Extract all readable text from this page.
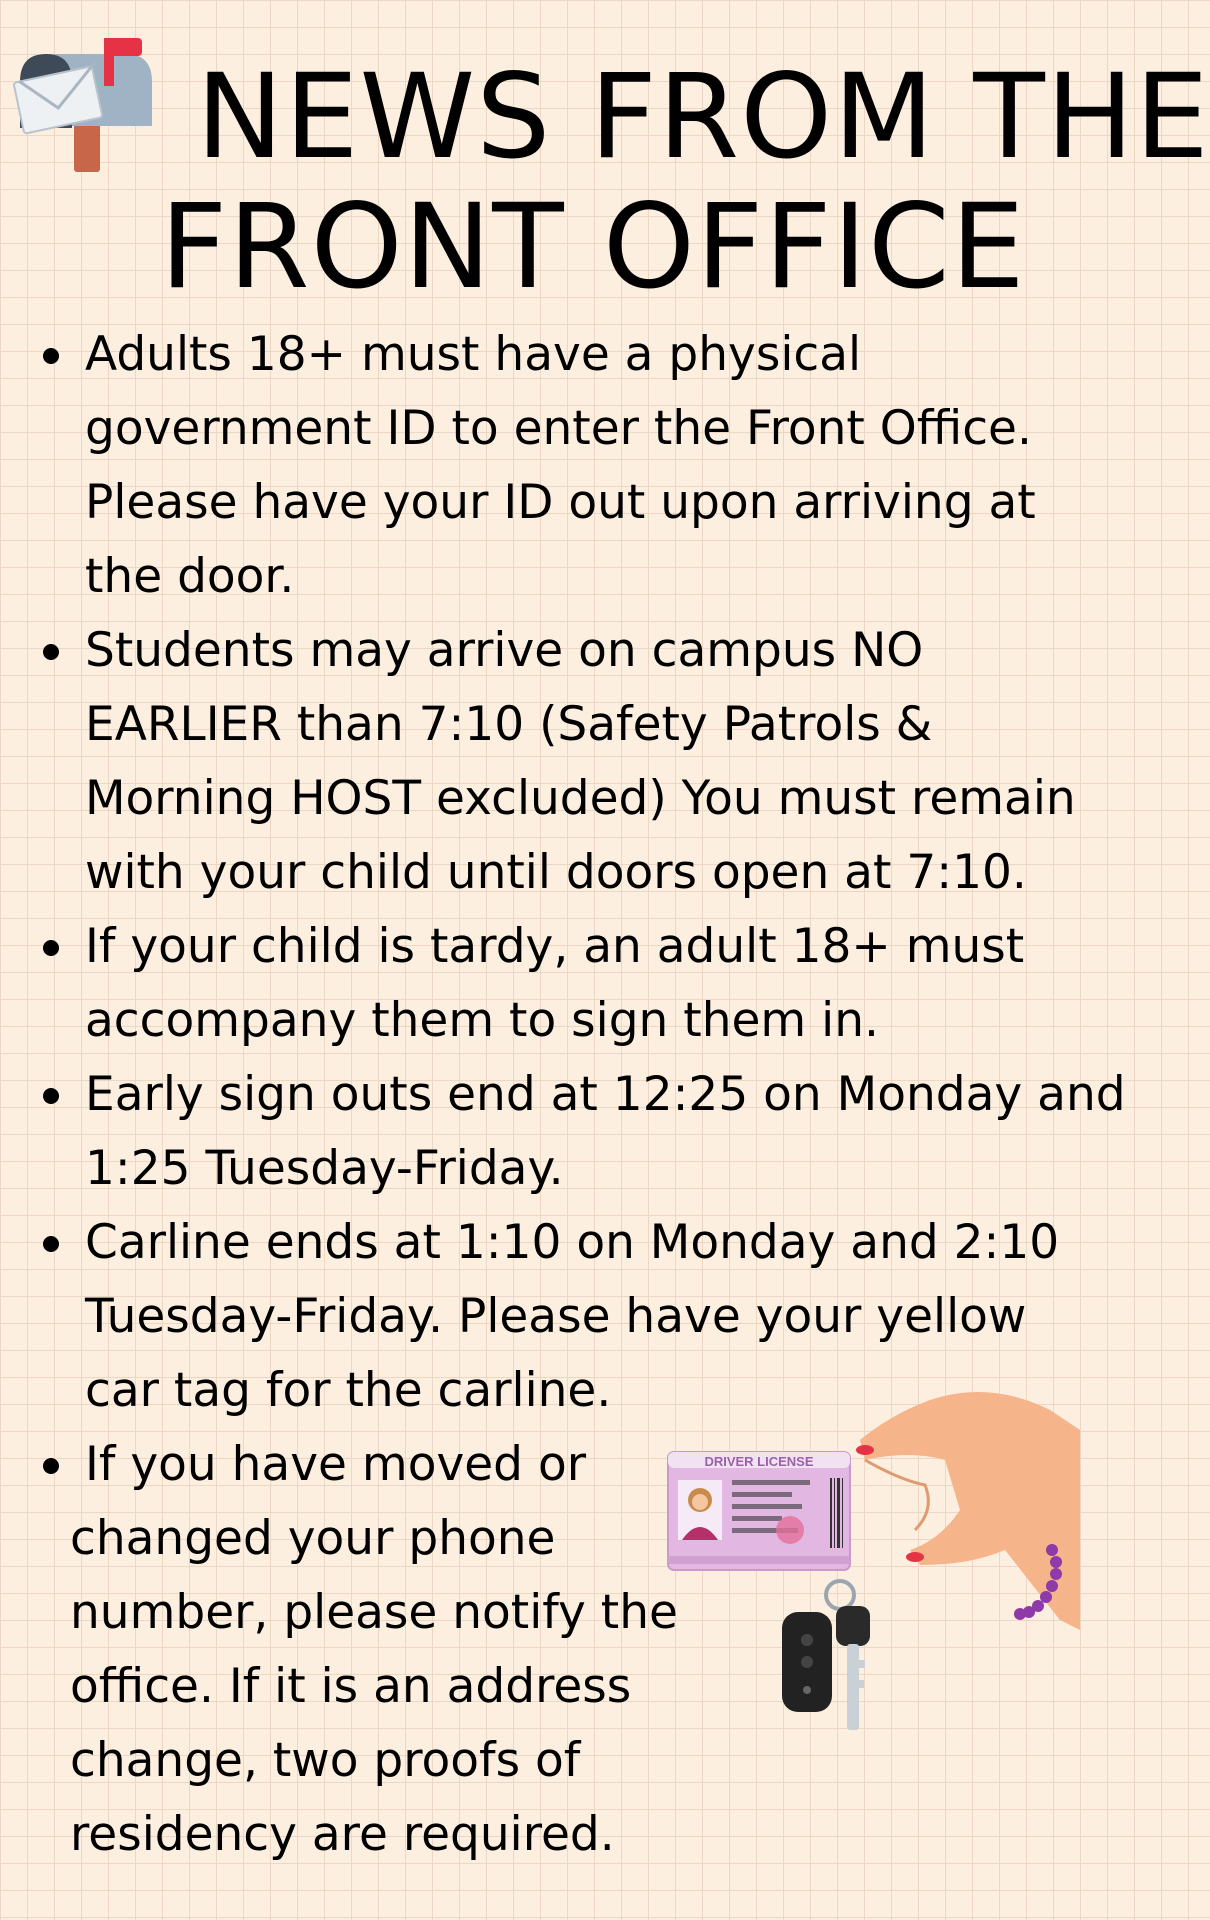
NEWS FROM THE
FRONT OFFICE
Adults 18+ must have a physical
government ID to enter the Front Office.
Please have your ID out upon arriving at
the door.
Students may arrive on campus NO
EARLIER than 7:10 (Safety Patrols &
Morning HOST excluded) You must remain
with your child until doors open at 7:10.
If your child is tardy, an adult 18+ must
accompany them to sign them in.
Early sign outs end at 12:25 on Monday and
1:25 Tuesday-Friday.
Carline ends at 1:10 on Monday and 2:10
Tuesday-Friday. Please have your yellow
car tag for the carline.
If you have moved or
changed your phone
number, please notify the
office. If it is an address
change, two proofs of
residency are required.
DRIVER LICENSE
